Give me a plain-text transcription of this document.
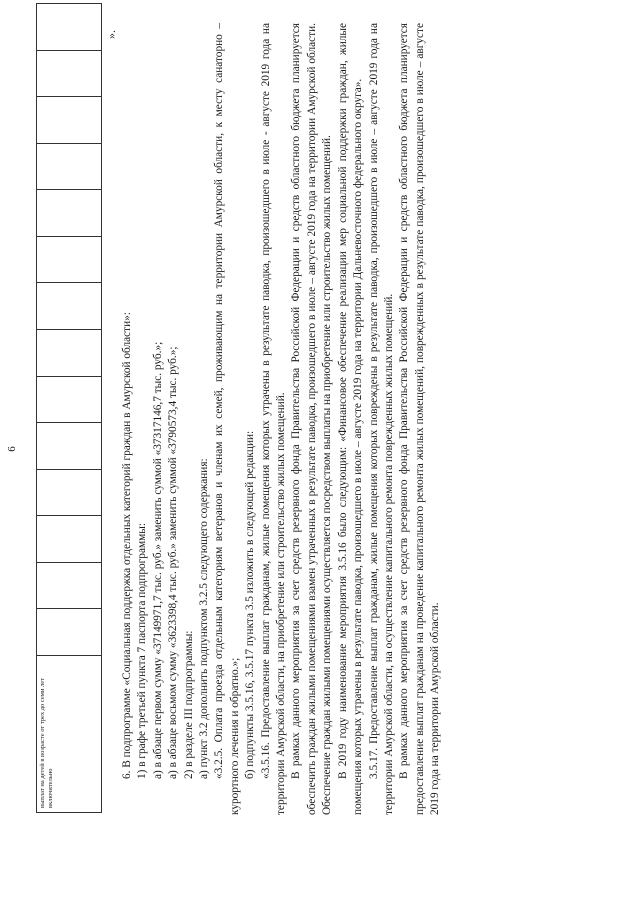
6
выплат на детей в возрасте от трех до семи лет включительно														
».

6. В подпрограмме «Социальная поддержка отдельных категорий граждан в Амурской области»: 1) в графе третьей пункта 7 паспорта подпрограммы: а) в абзаце первом сумму «37149971,7 тыс. руб.» заменить суммой «37317146,7 тыс. руб.»; а) в абзаце восьмом сумму «3623398,4 тыс. руб.» заменить суммой «3790573,4 тыс. руб.»; 2) в разделе III подпрограммы: а) пункт 3.2 дополнить подпунктом 3.2.5 следующего содержания: «3.2.5. Оплата проезда отдельным категориям ветеранов и членам их семей, проживающим на территории Амурской области, к месту санаторно – курортного лечения и обратно.»; б) подпункты 3.5.16, 3.5.17 пункта 3.5 изложить в следующей редакции: «3.5.16. Предоставление выплат гражданам, жилые помещения которых утрачены в результате паводка, произошедшего в июле - августе 2019 года на территории Амурской области, на приобретение или строительство жилых помещений. В рамках данного мероприятия за счет средств резервного фонда Правительства Российской Федерации и средств областного бюджета планируется обеспечить граждан жилыми помещениями взамен утраченных в результате паводка, произошедшего в июле – августе 2019 года на территории Амурской области. Обеспечение граждан жилыми помещениями осуществляется посредством выплаты на приобретение или строительство жилых помещений. В 2019 году наименование мероприятия 3.5.16 было следующим: «Финансовое обеспечение реализации мер социальной поддержки граждан, жилые помещения которых утрачены в результате паводка, произошедшего в июле – августе 2019 года на территории Дальневосточного федерального округа». 3.5.17. Предоставление выплат гражданам, жилые помещения которых повреждены в результате паводка, произошедшего в июле – августе 2019 года на территории Амурской области, на осуществление капитального ремонта поврежденных жилых помещений. В рамках данного мероприятия за счет средств резервного фонда Правительства Российской Федерации и средств областного бюджета планируется предоставление выплат гражданам на проведение капитального ремонта жилых помещений, поврежденных в результате паводка, произошедшего в июле – августе 2019 года на территории Амурской области.
